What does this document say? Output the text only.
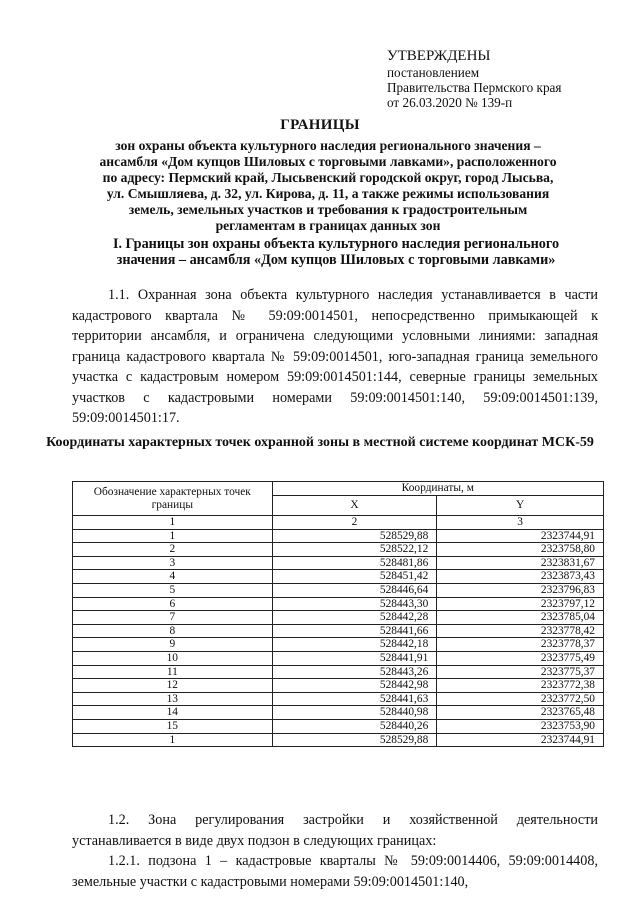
УТВЕРЖДЕНЫ
постановлением
Правительства Пермского края
от 26.03.2020 № 139-п
ГРАНИЦЫ
зон охраны объекта культурного наследия регионального значения – ансамбля «Дом купцов Шиловых с торговыми лавками», расположенного по адресу: Пермский край, Лысьвенский городской округ, город Лысьва, ул. Смышляева, д. 32, ул. Кирова, д. 11, а также режимы использования земель, земельных участков и требования к градостроительным регламентам в границах данных зон
I. Границы зон охраны объекта культурного наследия регионального значения – ансамбля «Дом купцов Шиловых с торговыми лавками»
1.1. Охранная зона объекта культурного наследия устанавливается в части кадастрового квартала № 59:09:0014501, непосредственно примыкающей к территории ансамбля, и ограничена следующими условными линиями: западная граница кадастрового квартала № 59:09:0014501, юго-западная граница земельного участка с кадастровым номером 59:09:0014501:144, северные границы земельных участков с кадастровыми номерами 59:09:0014501:140, 59:09:0014501:139, 59:09:0014501:17.
Координаты характерных точек охранной зоны в местной системе координат МСК-59
Обозначение характерных точек границы	Координаты, м	
	X	Y
1	2	3
1	528529,88	2323744,91
2	528522,12	2323758,80
3	528481,86	2323831,67
4	528451,42	2323873,43
5	528446,64	2323796,83
6	528443,30	2323797,12
7	528442,28	2323785,04
8	528441,66	2323778,42
9	528442,18	2323778,37
10	528441,91	2323775,49
11	528443,26	2323775,37
12	528442,98	2323772,38
13	528441,63	2323772,50
14	528440,98	2323765,48
15	528440,26	2323753,90
1	528529,88	2323744,91
1.2. Зона регулирования застройки и хозяйственной деятельности устанавливается в виде двух подзон в следующих границах:
1.2.1. подзона 1 – кадастровые кварталы № 59:09:0014406, 59:09:0014408, земельные участки с кадастровыми номерами 59:09:0014501:140,
